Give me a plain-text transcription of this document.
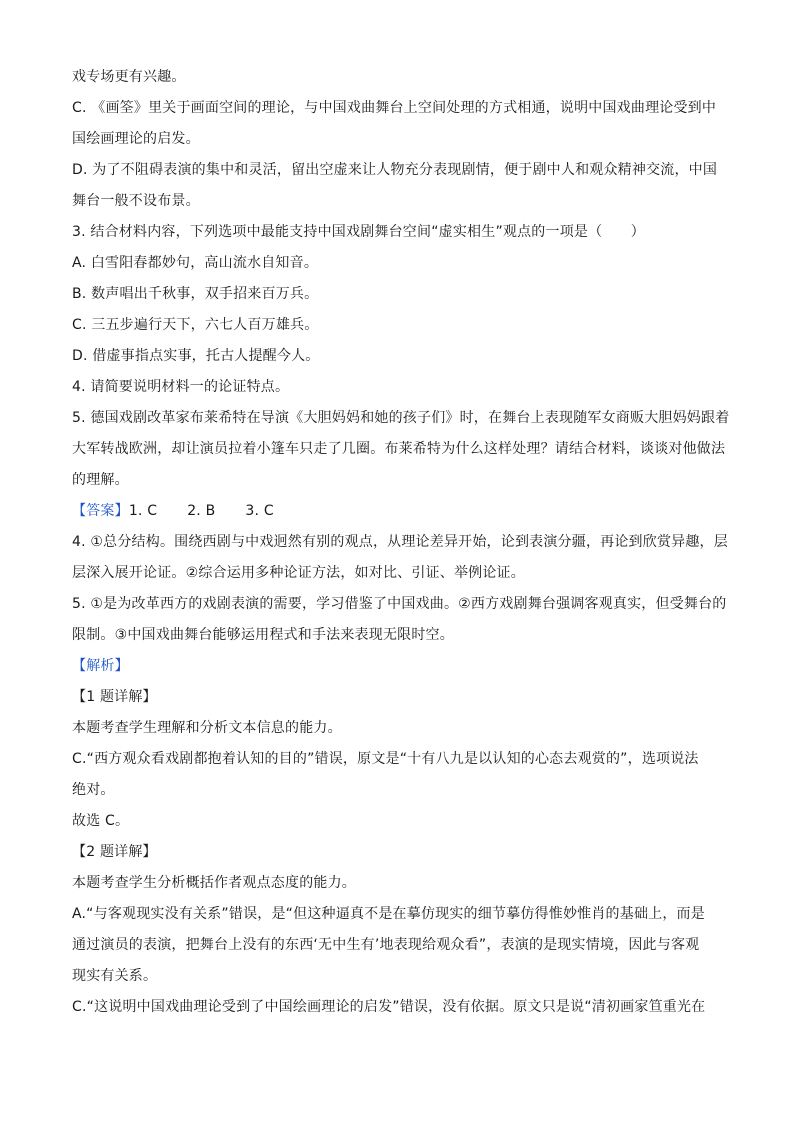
戏专场更有兴趣。
C. 《画筌》里关于画面空间的理论，与中国戏曲舞台上空间处理的方式相通，说明中国戏曲理论受到中
国绘画理论的启发。
D. 为了不阻碍表演的集中和灵活，留出空虚来让人物充分表现剧情，便于剧中人和观众精神交流，中国
舞台一般不设布景。
3. 结合材料内容，下列选项中最能支持中国戏剧舞台空间“虚实相生”观点的一项是（　　）
A. 白雪阳春都妙句，高山流水自知音。
B. 数声唱出千秋事，双手招来百万兵。
C. 三五步遍行天下，六七人百万雄兵。
D. 借虚事指点实事，托古人提醒今人。
4. 请简要说明材料一的论证特点。
5. 德国戏剧改革家布莱希特在导演《大胆妈妈和她的孩子们》时，在舞台上表现随军女商贩大胆妈妈跟着
大军转战欧洲，却让演员拉着小篷车只走了几圈。布莱希特为什么这样处理？请结合材料，谈谈对他做法
的理解。
【答案】1. C 2. B 3. C
4. ①总分结构。围绕西剧与中戏迥然有别的观点，从理论差异开始，论到表演分疆，再论到欣赏异趣，层
层深入展开论证。②综合运用多种论证方法，如对比、引证、举例论证。
5. ①是为改革西方的戏剧表演的需要，学习借鉴了中国戏曲。②西方戏剧舞台强调客观真实，但受舞台的
限制。③中国戏曲舞台能够运用程式和手法来表现无限时空。
【解析】
【1 题详解】
本题考查学生理解和分析文本信息的能力。
C.“西方观众看戏剧都抱着认知的目的”错误，原文是“十有八九是以认知的心态去观赏的”，选项说法
绝对。
故选 C。
【2 题详解】
本题考查学生分析概括作者观点态度的能力。
A.“与客观现实没有关系”错误，是“但这种逼真不是在摹仿现实的细节摹仿得惟妙惟肖的基础上，而是
通过演员的表演，把舞台上没有的东西‘无中生有’地表现给观众看”，表演的是现实情境，因此与客观
现实有关系。
C.“这说明中国戏曲理论受到了中国绘画理论的启发”错误，没有依据。原文只是说“清初画家笪重光在
